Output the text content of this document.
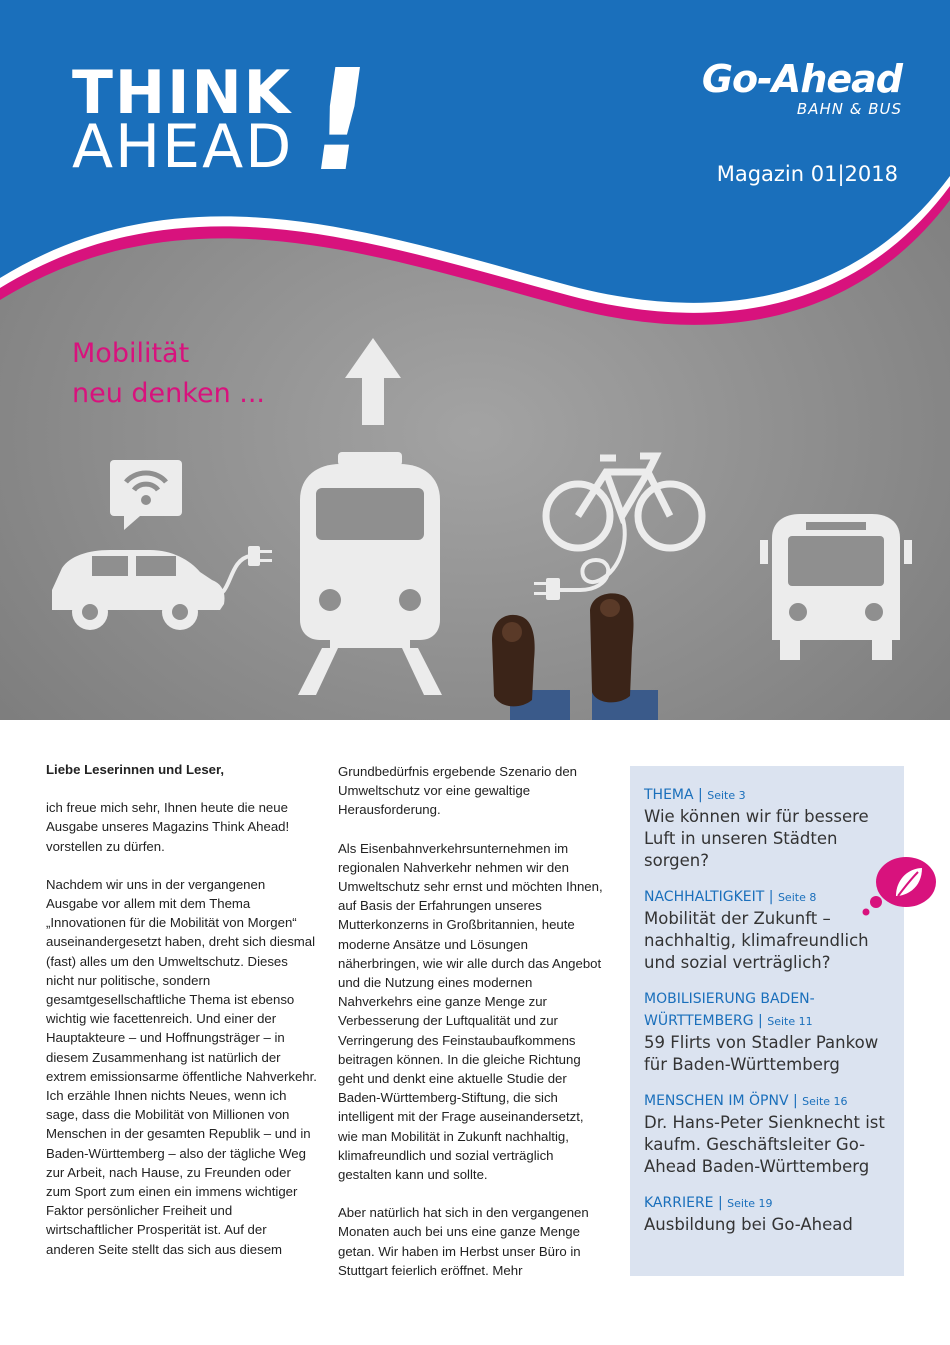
THINK
AHEAD !	Go-Ahead
BAHN & BUS
Magazin 01|2018
Mobilität
neu denken ...

Liebe Leserinnen und Leser,

ich freue mich sehr, Ihnen heute die neue Ausgabe unseres Magazins Think Ahead! vorstellen zu dürfen.

Nachdem wir uns in der vergangenen Ausgabe vor allem mit dem Thema „Innovationen für die Mobilität von Morgen“ auseinandergesetzt haben, dreht sich diesmal (fast) alles um den Umweltschutz. Dieses nicht nur politische, sondern gesamtgesellschaftliche Thema ist ebenso wichtig wie facettenreich. Und einer der Hauptakteure – und Hoffnungsträger – in diesem Zusammenhang ist natürlich der extrem emissionsarme öffentliche Nahverkehr. Ich erzähle Ihnen nichts Neues, wenn ich sage, dass die Mobilität von Millionen von Menschen in der gesamten Republik – und in Baden-Württemberg – also der tägliche Weg zur Arbeit, nach Hause, zu Freunden oder zum Sport zum einen ein immens wichtiger Faktor persönlicher Freiheit und wirtschaftlicher Prosperität ist. Auf der anderen Seite stellt das sich aus diesem

Grundbedürfnis ergebende Szenario den Umweltschutz vor eine gewaltige Herausforderung.

Als Eisenbahnverkehrsunternehmen im regionalen Nahverkehr nehmen wir den Umweltschutz sehr ernst und möchten Ihnen, auf Basis der Erfahrungen unseres Mutterkonzerns in Großbritannien, heute moderne Ansätze und Lösungen näherbringen, wie wir alle durch das Angebot und die Nutzung eines modernen Nahverkehrs eine ganze Menge zur Verbesserung der Luftqualität und zur Verringerung des Feinstaubaufkommens beitragen können. In die gleiche Richtung geht und denkt eine aktuelle Studie der Baden-Württemberg-Stiftung, die sich intelligent mit der Frage auseinandersetzt, wie man Mobilität in Zukunft nachhaltig, klimafreundlich und sozial verträglich gestalten kann und sollte.

Aber natürlich hat sich in den vergangenen Monaten auch bei uns eine ganze Menge getan. Wir haben im Herbst unser Büro in Stuttgart feierlich eröffnet. Mehr

THEMA | Seite 3
Wie können wir für bessere Luft in unseren Städten sorgen?
NACHHALTIGKEIT | Seite 8
Mobilität der Zukunft – nachhaltig, klimafreundlich und sozial verträglich?
MOBILISIERUNG BADEN-WÜRTTEMBERG | Seite 11
59 Flirts von Stadler Pankow für Baden-Württemberg
MENSCHEN IM ÖPNV | Seite 16
Dr. Hans-Peter Sienknecht ist kaufm. Geschäftsleiter Go-Ahead Baden-Württemberg
KARRIERE | Seite 19
Ausbildung bei Go-Ahead
